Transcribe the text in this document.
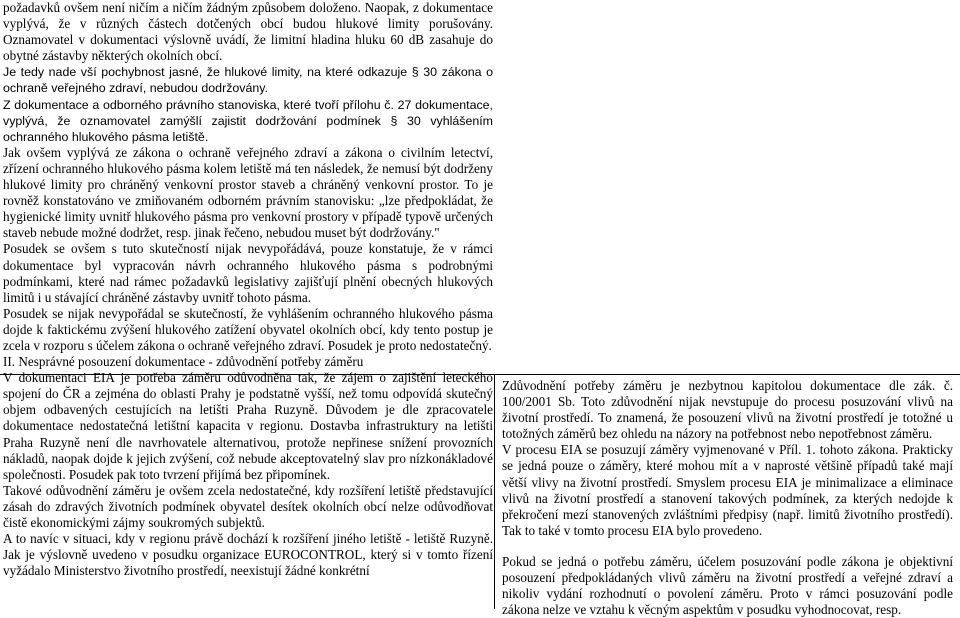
požadavků ovšem není ničím a ničím žádným způsobem doloženo. Naopak, z dokumentace vyplývá, že v různých částech dotčených obcí budou hlukové limity porušovány. Oznamovatel v dokumentaci výslovně uvádí, že limitní hladina hluku 60 dB zasahuje do obytné zástavby některých okolních obcí.

Je tedy nade vší pochybnost jasné, že hlukové limity, na které odkazuje § 30 zákona o ochraně veřejného zdraví, nebudou dodržovány.

Z dokumentace a odborného právního stanoviska, které tvoří přílohu č. 27 dokumentace, vyplývá, že oznamovatel zamýšlí zajistit dodržování podmínek § 30 vyhlášením ochranného hlukového pásma letiště.

Jak ovšem vyplývá ze zákona o ochraně veřejného zdraví a zákona o civilním letectví, zřízení ochranného hlukového pásma kolem letiště má ten následek, že nemusí být dodrženy hlukové limity pro chráněný venkovní prostor staveb a chráněný venkovní prostor. To je rovněž konstatováno ve zmiňovaném odborném právním stanovisku: „lze předpokládat, že hygienické limity uvnitř hlukového pásma pro venkovní prostory v případě typově určených staveb nebude možné dodržet, resp. jinak řečeno, nebudou muset být dodržovány."

Posudek se ovšem s tuto skutečností nijak nevypořádává, pouze konstatuje, že v rámci dokumentace byl vypracován návrh ochranného hlukového pásma s podrobnými podmínkami, které nad rámec požadavků legislativy zajišťují plnění obecných hlukových limitů i u stávající chráněné zástavby uvnitř tohoto pásma.

Posudek se nijak nevypořádal se skutečností, že vyhlášením ochranného hlukového pásma dojde k faktickému zvýšení hlukového zatížení obyvatel okolních obcí, kdy tento postup je zcela v rozporu s účelem zákona o ochraně veřejného zdraví. Posudek je proto nedostatečný.

II. Nesprávné posouzení dokumentace - zdůvodnění potřeby záměru

V dokumentaci EIA je potřeba záměru odůvodněna tak, že zájem o zajištění leteckého spojení do ČR a zejména do oblasti Prahy je podstatně vyšší, než tomu odpovídá skutečný objem odbavených cestujících na letišti Praha Ruzyně. Důvodem je dle zpracovatele dokumentace nedostatečná letištní kapacita v regionu. Dostavba infrastruktury na letišti Praha Ruzyně není dle navrhovatele alternativou, protože nepřinese snížení provozních nákladů, naopak dojde k jejich zvýšení, což nebude akceptovatelný slav pro nízkonákladové společnosti. Posudek pak toto tvrzení přijímá bez připomínek.

Takové odůvodnění záměru je ovšem zcela nedostatečné, kdy rozšíření letiště představující zásah do zdravých životních podmínek obyvatel desítek okolních obcí nelze odůvodňovat čistě ekonomickými zájmy soukromých subjektů.

A to navíc v situaci, kdy v regionu právě dochází k rozšíření jiného letiště - letiště Ruzyně. Jak je výslovně uvedeno v posudku organizace EUROCONTROL, který si v tomto řízení vyžádalo Ministerstvo životního prostředí, neexistují žádné konkrétní

Zdůvodnění potřeby záměru je nezbytnou kapitolou dokumentace dle zák. č. 100/2001 Sb. Toto zdůvodnění nijak nevstupuje do procesu posuzování vlivů na životní prostředí. To znamená, že posouzení vlivů na životní prostředí je totožné u totožných záměrů bez ohledu na názory na potřebnost nebo nepotřebnost záměru.

V procesu EIA se posuzují záměry vyjmenované v Příl. 1. tohoto zákona. Prakticky se jedná pouze o záměry, které mohou mít a v naprosté většině případů také mají větší vlivy na životní prostředí. Smyslem procesu EIA je minimalizace a eliminace vlivů na životní prostředí a stanovení takových podmínek, za kterých nedojde k překročení mezí stanovených zvláštními předpisy (např. limitů životního prostředí). Tak to také v tomto procesu EIA bylo provedeno.

Pokud se jedná o potřebu záměru, účelem posuzování podle zákona je objektivní posouzení předpokládaných vlivů záměru na životní prostředí a veřejné zdraví a nikoliv vydání rozhodnutí o povolení záměru. Proto v rámci posuzování podle zákona nelze ve vztahu k věcným aspektům v posudku vyhodnocovat, resp.
